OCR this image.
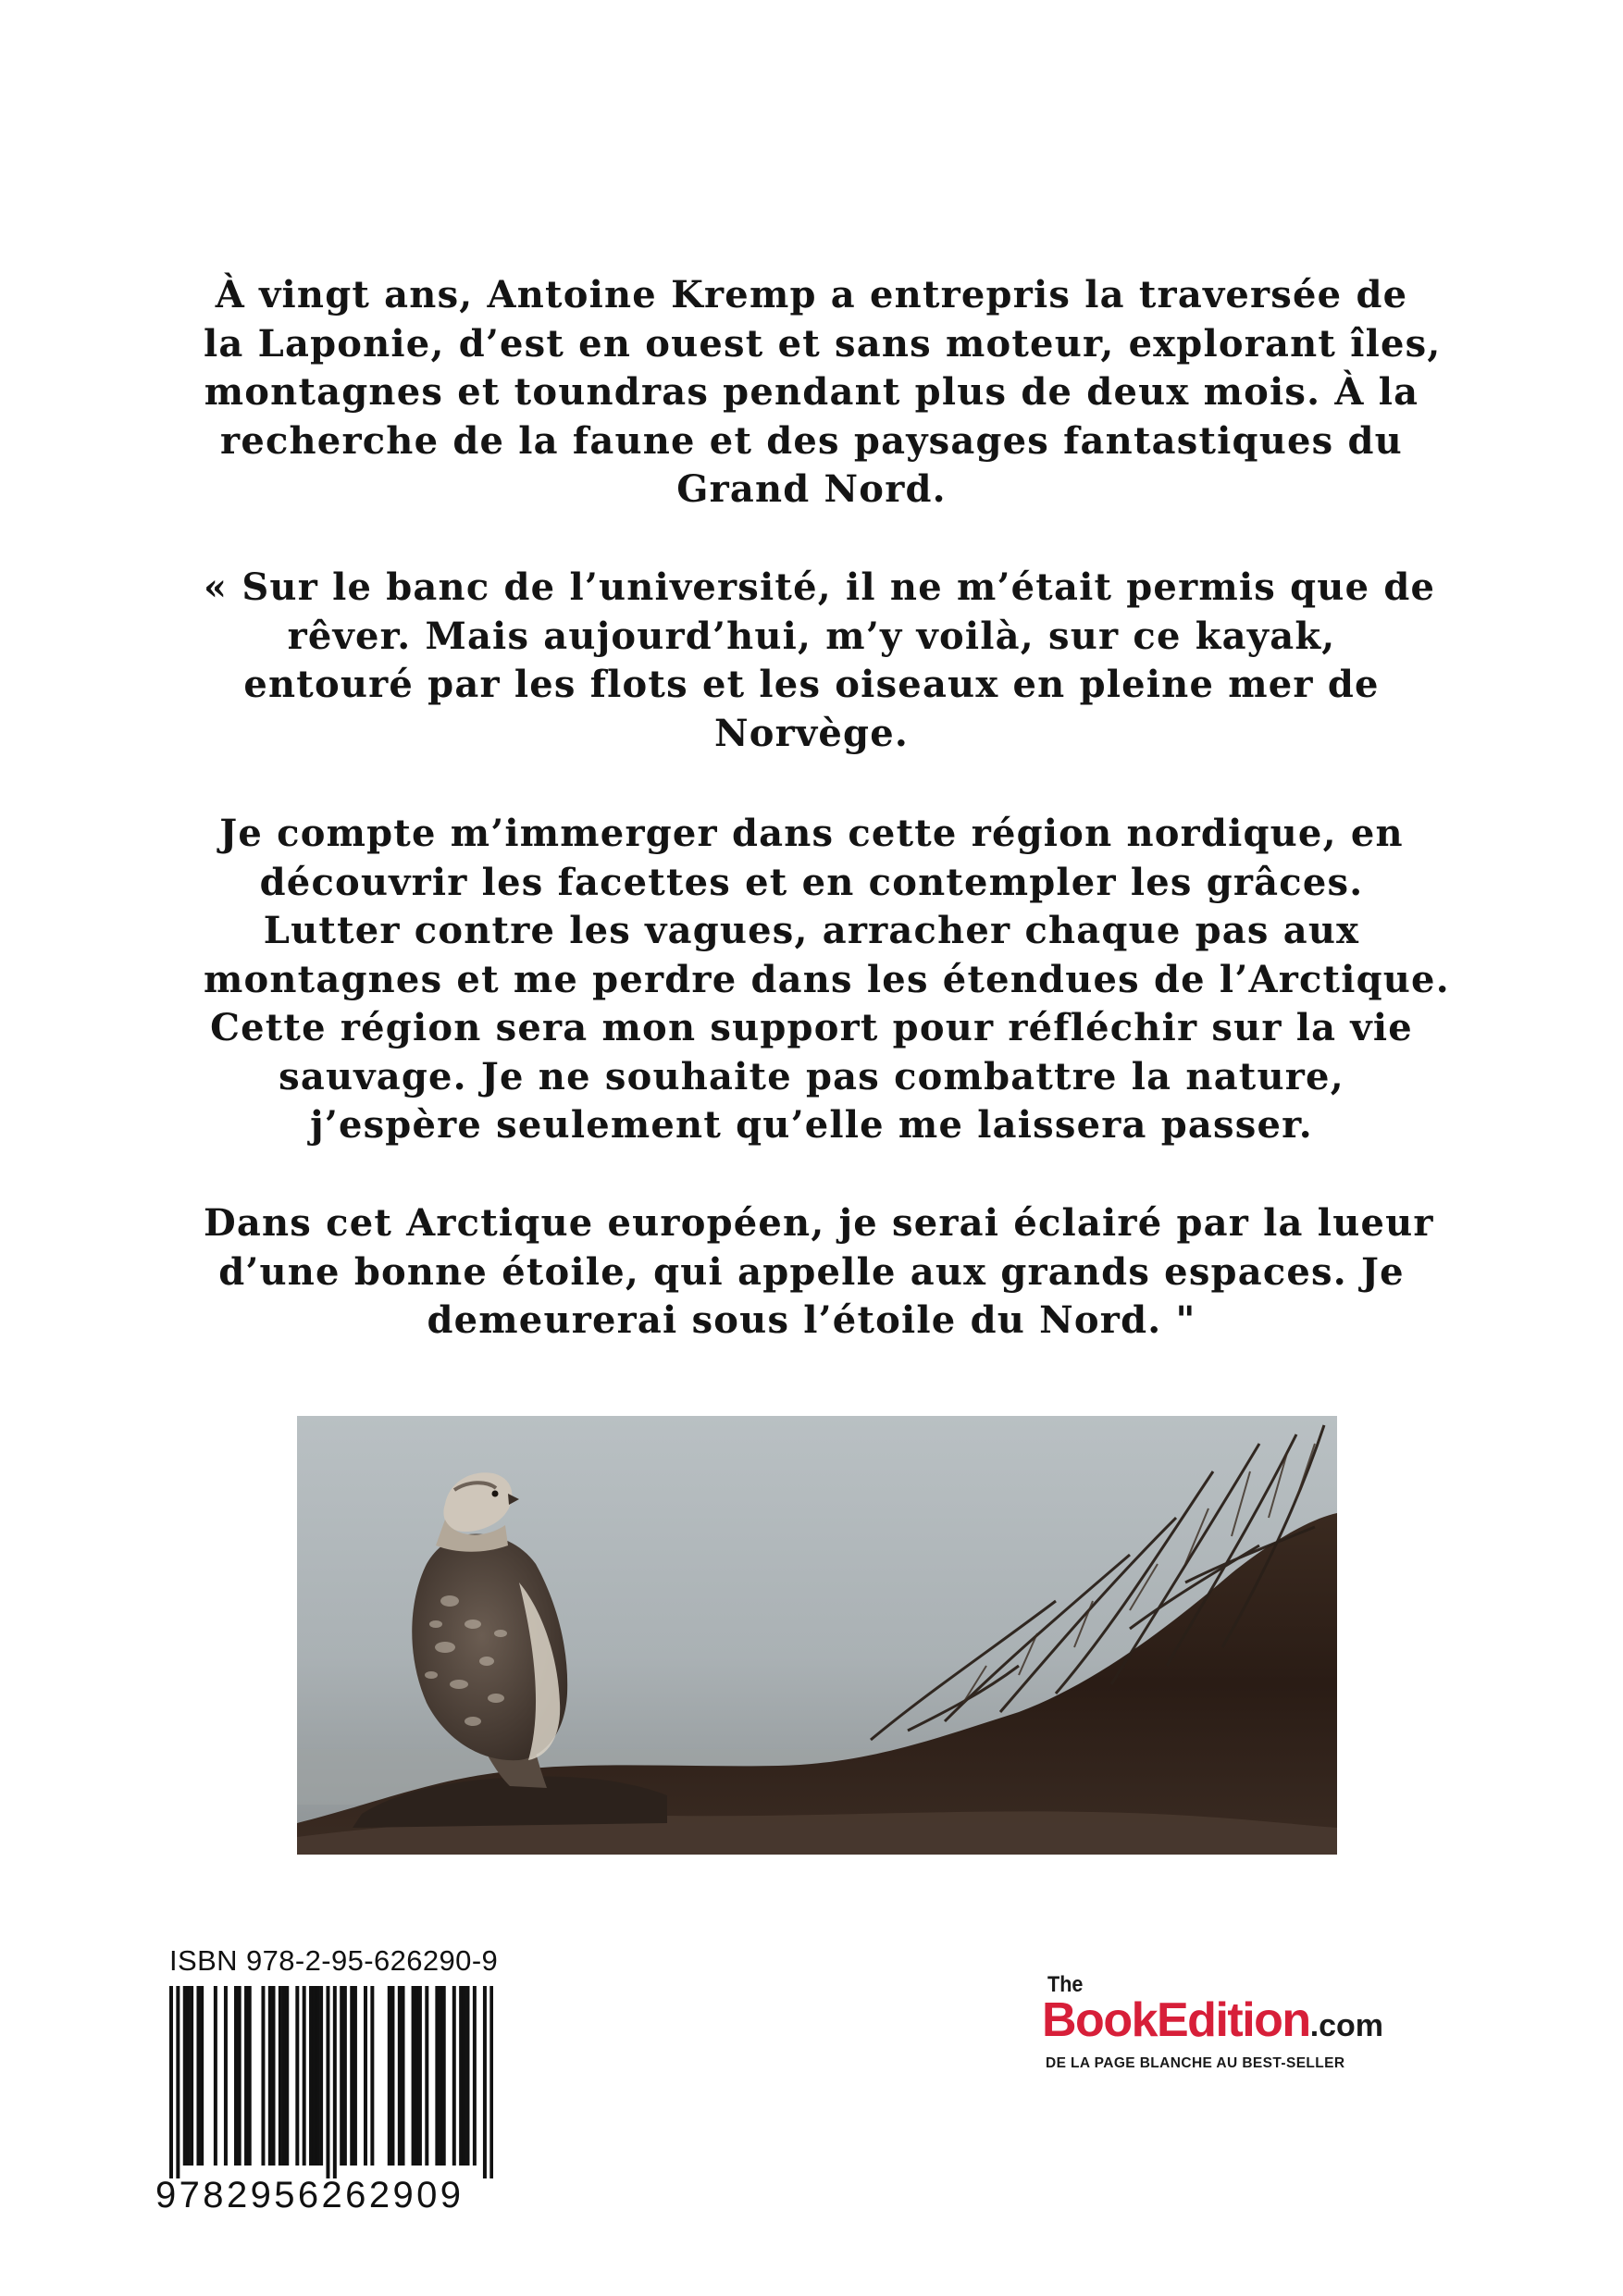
À vingt ans, Antoine Kremp a entrepris la traversée de
la Laponie, d’est en ouest et sans moteur, explorant îles,
montagnes et toundras pendant plus de deux mois. À la
recherche de la faune et des paysages fantastiques du
Grand Nord.

« Sur le banc de l’université, il ne m’était permis que de
rêver. Mais aujourd’hui, m’y voilà, sur ce kayak,
entouré par les flots et les oiseaux en pleine mer de
Norvège.

Je compte m’immerger dans cette région nordique, en
découvrir les facettes et en contempler les grâces.
Lutter contre les vagues, arracher chaque pas aux
montagnes et me perdre dans les étendues de l’Arctique.
Cette région sera mon support pour réfléchir sur la vie
sauvage. Je ne souhaite pas combattre la nature,
j’espère seulement qu’elle me laissera passer.

Dans cet Arctique européen, je serai éclairé par la lueur
d’une bonne étoile, qui appelle aux grands espaces. Je
demeurerai sous l’étoile du Nord. "

ISBN 978-2-95-626290-9
9782956262909
The
BookEdition.com
DE LA PAGE BLANCHE AU BEST-SELLER
